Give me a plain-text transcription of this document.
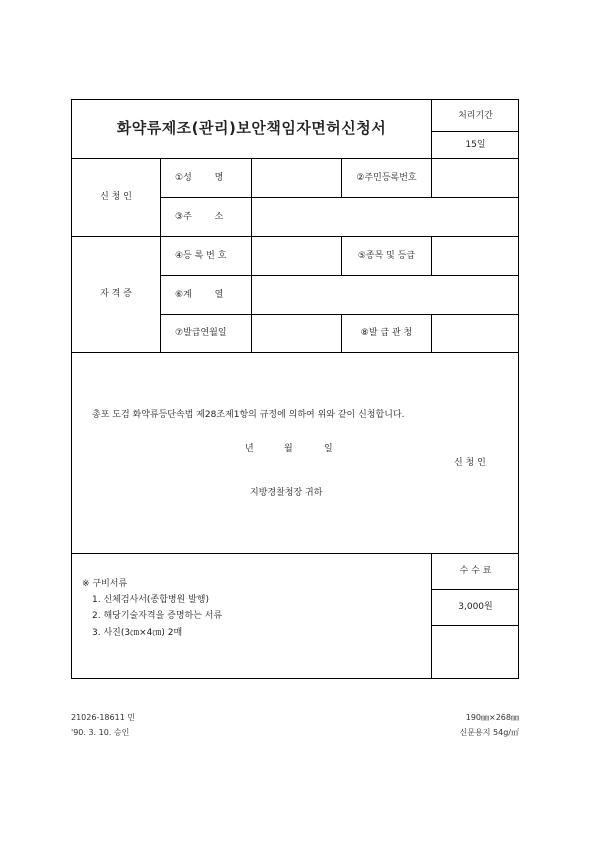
화약류제조(관리)보안책임자면허신청서
처리기간
15일
신 청 인
①성        명	②주민등록번호
③주        소
자 격 증
④등 록 번 호	⑤종목 및 등급
⑥계        열
⑦발급연월일	⑧발 급 관 청
총포 도검 화약류등단속법 제28조제1항의 규정에 의하여 위와 같이 신청합니다.
년	월	일
신 청 인
지방경찰청장 귀하
※ 구비서류
1. 신체검사서(종합병원 발행)
2. 해당기술자격을 증명하는 서류
3. 사진(3㎝×4㎝) 2매
수 수 료
3,000원
21026-18611 민
'90. 3. 10. 승인
190㎜×268㎜
신문용지 54g/㎡
